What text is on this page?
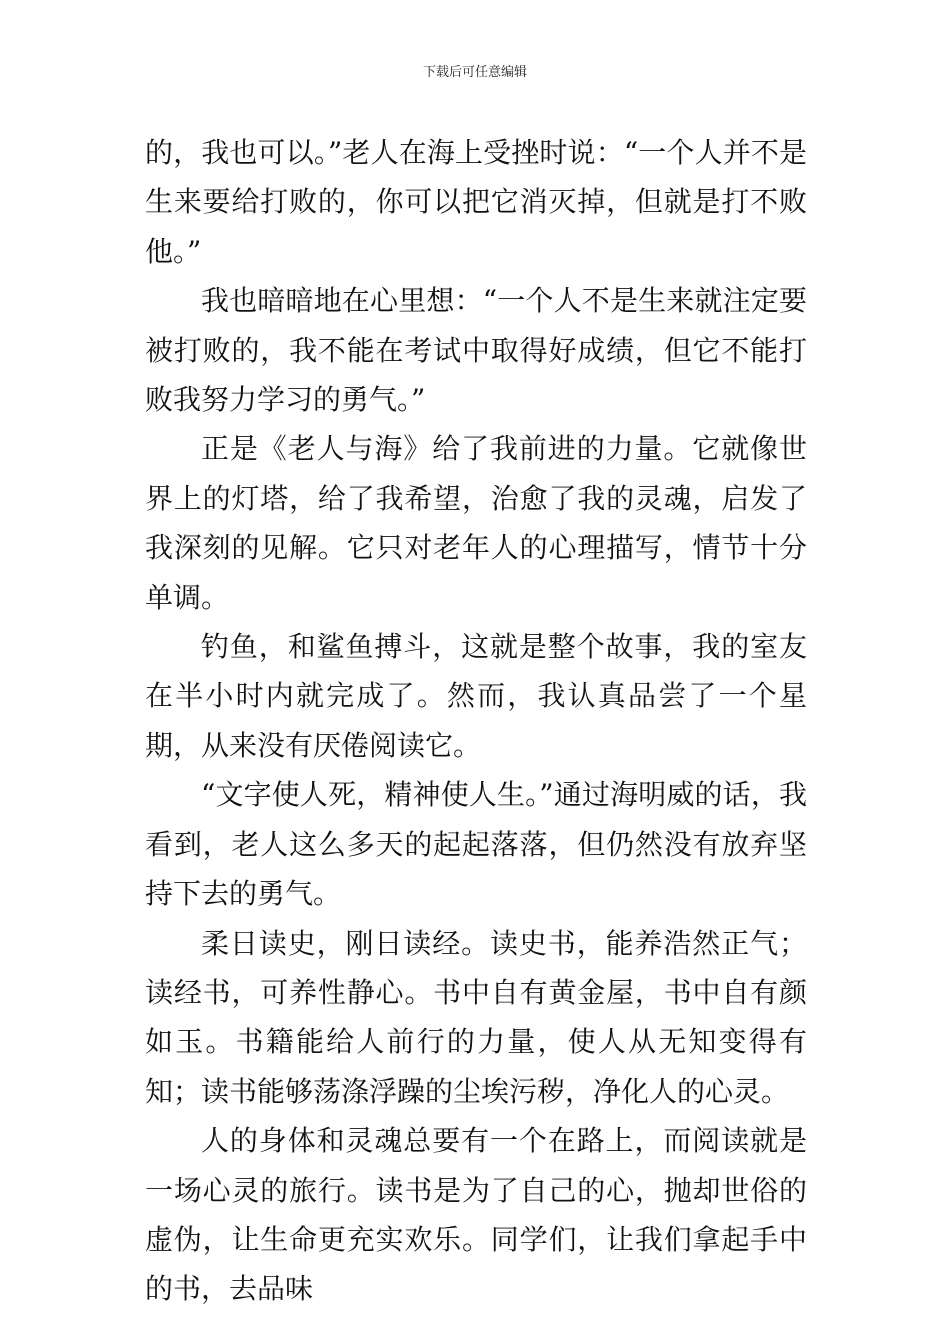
下载后可任意编辑

的，我也可以。”老人在海上受挫时说：“一个人并不是生来要给打败的，你可以把它消灭掉，但就是打不败他。”

我也暗暗地在心里想：“一个人不是生来就注定要被打败的，我不能在考试中取得好成绩，但它不能打败我努力学习的勇气。”

正是《老人与海》给了我前进的力量。它就像世界上的灯塔，给了我希望，治愈了我的灵魂，启发了我深刻的见解。它只对老年人的心理描写，情节十分单调。

钓鱼，和鲨鱼搏斗，这就是整个故事，我的室友在半小时内就完成了。然而，我认真品尝了一个星期，从来没有厌倦阅读它。

“文字使人死，精神使人生。”通过海明威的话，我看到，老人这么多天的起起落落，但仍然没有放弃坚持下去的勇气。

柔日读史，刚日读经。读史书，能养浩然正气；读经书，可养性静心。书中自有黄金屋，书中自有颜如玉。书籍能给人前行的力量，使人从无知变得有知；读书能够荡涤浮躁的尘埃污秽，净化人的心灵。

人的身体和灵魂总要有一个在路上，而阅读就是一场心灵的旅行。读书是为了自己的心，抛却世俗的虚伪，让生命更充实欢乐。同学们，让我们拿起手中的书，去品味
